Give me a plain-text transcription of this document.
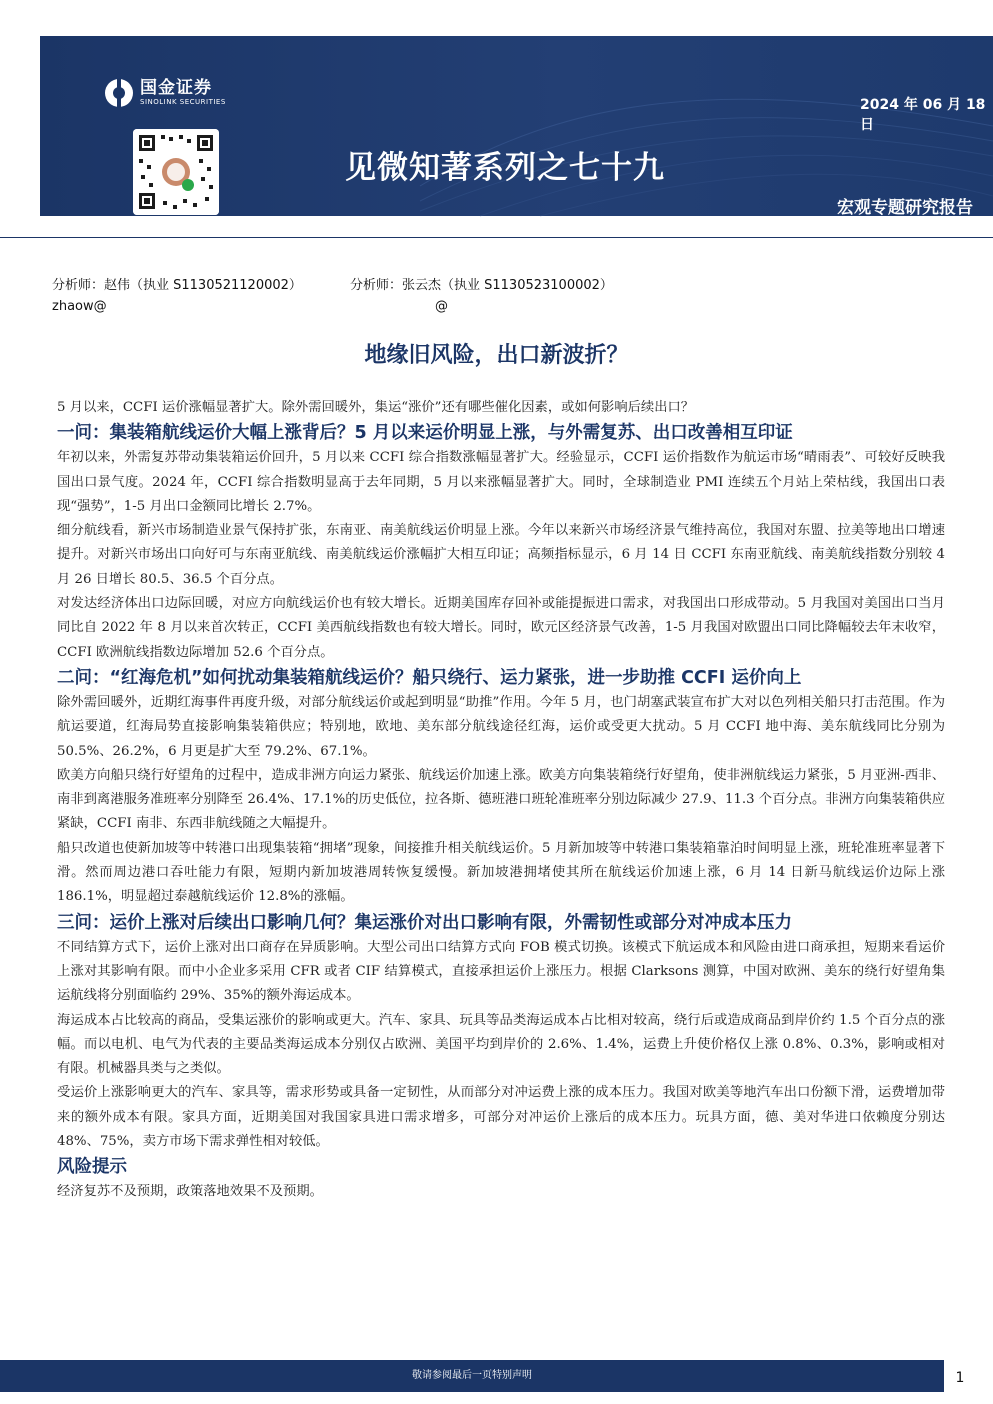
国金证券
SINOLINK SECURITIES	2024 年 06 月 18 日
见微知著系列之七十九
宏观专题研究报告
证券研究报告
分析师：赵伟（执业 S1130521120002）	分析师：张云杰（执业 S1130523100002）
zhaow@	@
地缘旧风险，出口新波折？

5 月以来，CCFI 运价涨幅显著扩大。除外需回暖外，集运“涨价”还有哪些催化因素，或如何影响后续出口？

一问：集装箱航线运价大幅上涨背后？5 月以来运价明显上涨，与外需复苏、出口改善相互印证

年初以来，外需复苏带动集装箱运价回升，5 月以来 CCFI 综合指数涨幅显著扩大。经验显示，CCFI 运价指数作为航运市场“晴雨表”、可较好反映我国出口景气度。2024 年，CCFI 综合指数明显高于去年同期，5 月以来涨幅显著扩大。同时，全球制造业 PMI 连续五个月站上荣枯线，我国出口表现“强势”，1-5 月出口金额同比增长 2.7%。

细分航线看，新兴市场制造业景气保持扩张，东南亚、南美航线运价明显上涨。今年以来新兴市场经济景气维持高位，我国对东盟、拉美等地出口增速提升。对新兴市场出口向好可与东南亚航线、南美航线运价涨幅扩大相互印证；高频指标显示，6 月 14 日 CCFI 东南亚航线、南美航线指数分别较 4 月 26 日增长 80.5、36.5 个百分点。

对发达经济体出口边际回暖，对应方向航线运价也有较大增长。近期美国库存回补或能提振进口需求，对我国出口形成带动。5 月我国对美国出口当月同比自 2022 年 8 月以来首次转正，CCFI 美西航线指数也有较大增长。同时，欧元区经济景气改善，1-5 月我国对欧盟出口同比降幅较去年末收窄，CCFI 欧洲航线指数边际增加 52.6 个百分点。

二问：“红海危机”如何扰动集装箱航线运价？船只绕行、运力紧张，进一步助推 CCFI 运价向上

除外需回暖外，近期红海事件再度升级，对部分航线运价或起到明显“助推”作用。今年 5 月，也门胡塞武装宣布扩大对以色列相关船只打击范围。作为航运要道，红海局势直接影响集装箱供应；特别地，欧地、美东部分航线途径红海，运价或受更大扰动。5 月 CCFI 地中海、美东航线同比分别为 50.5%、26.2%，6 月更是扩大至 79.2%、67.1%。

欧美方向船只绕行好望角的过程中，造成非洲方向运力紧张、航线运价加速上涨。欧美方向集装箱绕行好望角，使非洲航线运力紧张，5 月亚洲-西非、南非到离港服务准班率分别降至 26.4%、17.1%的历史低位，拉各斯、德班港口班轮准班率分别边际减少 27.9、11.3 个百分点。非洲方向集装箱供应紧缺，CCFI 南非、东西非航线随之大幅提升。

船只改道也使新加坡等中转港口出现集装箱“拥堵”现象，间接推升相关航线运价。5 月新加坡等中转港口集装箱靠泊时间明显上涨，班轮准班率显著下滑。然而周边港口吞吐能力有限，短期内新加坡港周转恢复缓慢。新加坡港拥堵使其所在航线运价加速上涨，6 月 14 日新马航线运价边际上涨 186.1%，明显超过泰越航线运价 12.8%的涨幅。

三问：运价上涨对后续出口影响几何？集运涨价对出口影响有限，外需韧性或部分对冲成本压力

不同结算方式下，运价上涨对出口商存在异质影响。大型公司出口结算方式向 FOB 模式切换。该模式下航运成本和风险由进口商承担，短期来看运价上涨对其影响有限。而中小企业多采用 CFR 或者 CIF 结算模式，直接承担运价上涨压力。根据 Clarksons 测算，中国对欧洲、美东的绕行好望角集运航线将分别面临约 29%、35%的额外海运成本。

海运成本占比较高的商品，受集运涨价的影响或更大。汽车、家具、玩具等品类海运成本占比相对较高，绕行后或造成商品到岸价约 1.5 个百分点的涨幅。而以电机、电气为代表的主要品类海运成本分别仅占欧洲、美国平均到岸价的 2.6%、1.4%，运费上升使价格仅上涨 0.8%、0.3%，影响或相对有限。机械器具类与之类似。

受运价上涨影响更大的汽车、家具等，需求形势或具备一定韧性，从而部分对冲运费上涨的成本压力。我国对欧美等地汽车出口份额下滑，运费增加带来的额外成本有限。家具方面，近期美国对我国家具进口需求增多，可部分对冲运价上涨后的成本压力。玩具方面，德、美对华进口依赖度分别达 48%、75%，卖方市场下需求弹性相对较低。

风险提示

经济复苏不及预期，政策落地效果不及预期。

敬请参阅最后一页特别声明	1
